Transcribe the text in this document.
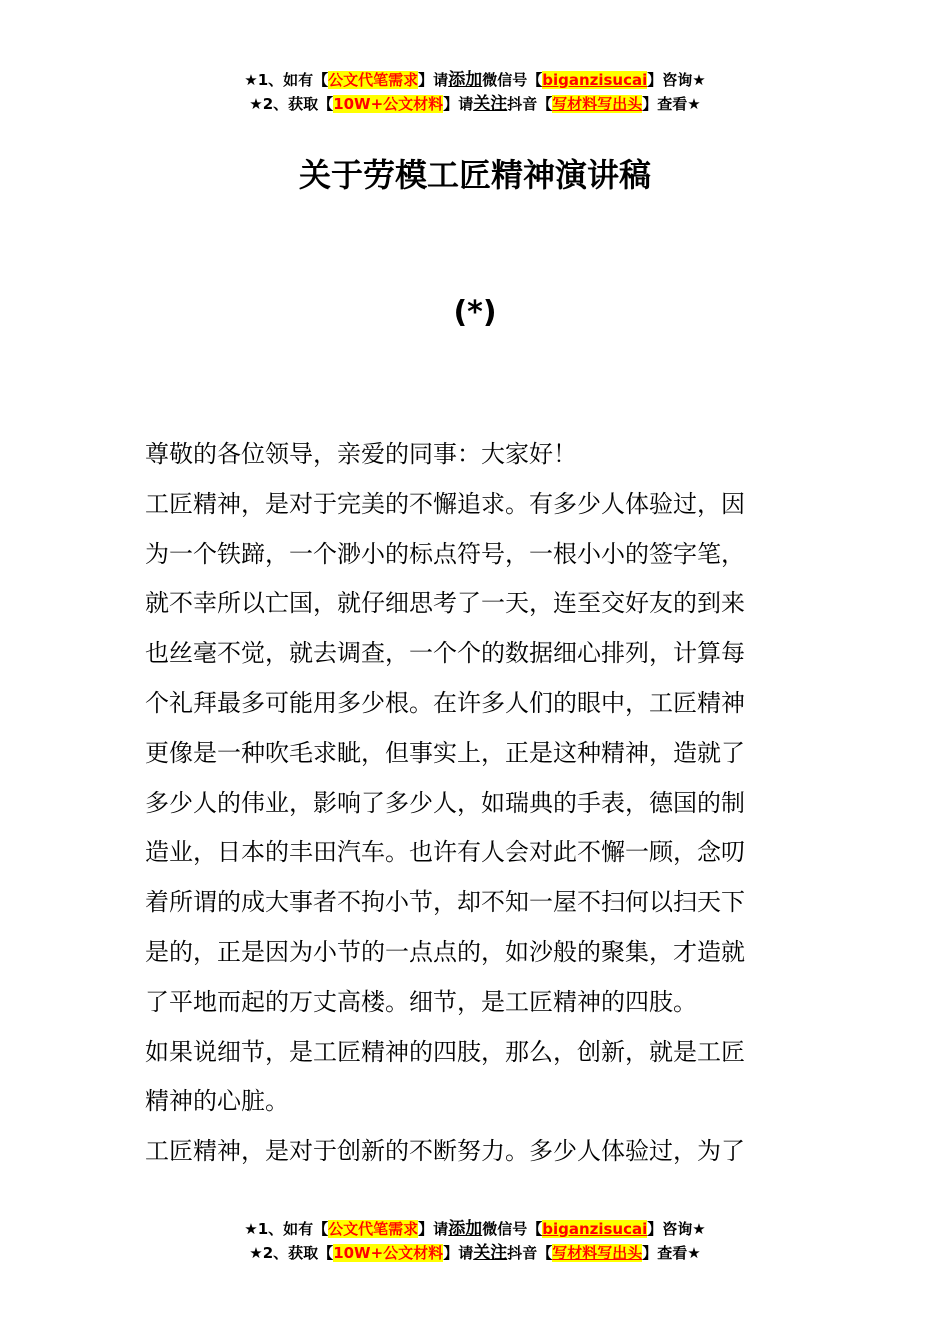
★1、如有【公文代笔需求】请添加微信号【biganzisucai】咨询★
★2、获取【10W+公文材料】请关注抖音【写材料写出头】查看★
关于劳模工匠精神演讲稿
(*)
尊敬的各位领导，亲爱的同事：大家好！
工匠精神，是对于完美的不懈追求。有多少人体验过，因
为一个铁蹄，一个渺小的标点符号，一根小小的签字笔，
就不幸所以亡国，就仔细思考了一天，连至交好友的到来
也丝毫不觉，就去调查，一个个的数据细心排列，计算每
个礼拜最多可能用多少根。在许多人们的眼中，工匠精神
更像是一种吹毛求眦，但事实上，正是这种精神，造就了
多少人的伟业，影响了多少人，如瑞典的手表，德国的制
造业，日本的丰田汽车。也许有人会对此不懈一顾，念叨
着所谓的成大事者不拘小节，却不知一屋不扫何以扫天下
是的，正是因为小节的一点点的，如沙般的聚集，才造就
了平地而起的万丈高楼。细节，是工匠精神的四肢。
如果说细节，是工匠精神的四肢，那么，创新，就是工匠
精神的心脏。
工匠精神，是对于创新的不断努力。多少人体验过，为了
★1、如有【公文代笔需求】请添加微信号【biganzisucai】咨询★
★2、获取【10W+公文材料】请关注抖音【写材料写出头】查看★
